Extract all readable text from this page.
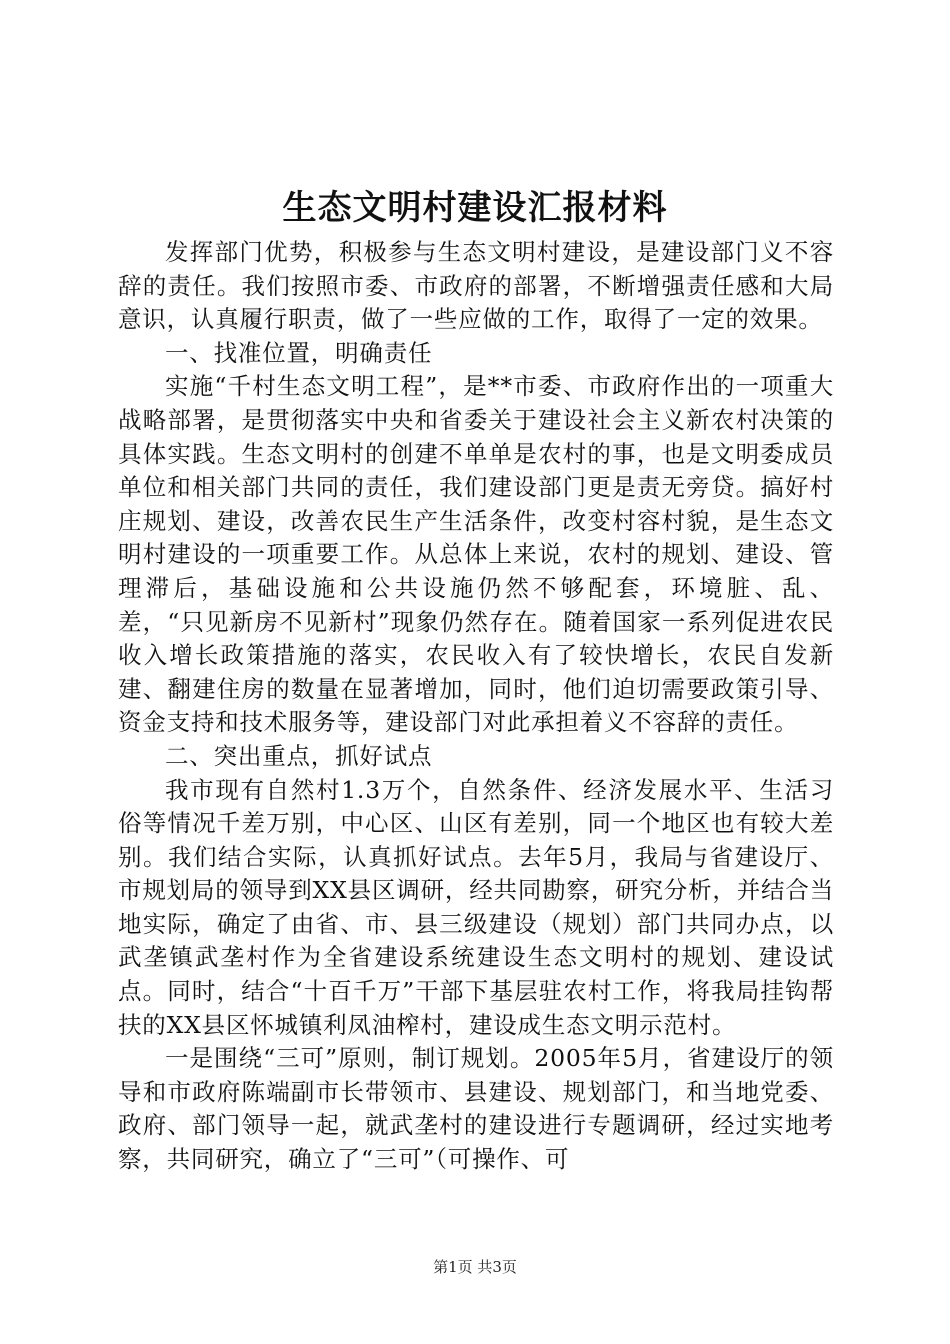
生态文明村建设汇报材料

发挥部门优势，积极参与生态文明村建设，是建设部门义不容辞的责任。我们按照市委、市政府的部署，不断增强责任感和大局意识，认真履行职责，做了一些应做的工作，取得了一定的效果。

一、找准位置，明确责任

实施“千村生态文明工程”，是**市委、市政府作出的一项重大战略部署，是贯彻落实中央和省委关于建设社会主义新农村决策的具体实践。生态文明村的创建不单单是农村的事，也是文明委成员单位和相关部门共同的责任，我们建设部门更是责无旁贷。搞好村庄规划、建设，改善农民生产生活条件，改变村容村貌，是生态文明村建设的一项重要工作。从总体上来说，农村的规划、建设、管理滞后，基础设施和公共设施仍然不够配套，环境脏、乱、差，“只见新房不见新村”现象仍然存在。随着国家一系列促进农民收入增长政策措施的落实，农民收入有了较快增长，农民自发新建、翻建住房的数量在显著增加，同时，他们迫切需要政策引导、资金支持和技术服务等，建设部门对此承担着义不容辞的责任。

二、突出重点，抓好试点

我市现有自然村1.3万个，自然条件、经济发展水平、生活习俗等情况千差万别，中心区、山区有差别，同一个地区也有较大差别。我们结合实际，认真抓好试点。去年5月，我局与省建设厅、市规划局的领导到XX县区调研，经共同勘察，研究分析，并结合当地实际，确定了由省、市、县三级建设（规划）部门共同办点，以武垄镇武垄村作为全省建设系统建设生态文明村的规划、建设试点。同时，结合“十百千万”干部下基层驻农村工作，将我局挂钩帮扶的XX县区怀城镇利凤油榨村，建设成生态文明示范村。

一是围绕“三可”原则，制订规划。2005年5月，省建设厅的领导和市政府陈端副市长带领市、县建设、规划部门，和当地党委、政府、部门领导一起，就武垄村的建设进行专题调研，经过实地考察，共同研究，确立了“三可”（可操作、可

第1页 共3页
